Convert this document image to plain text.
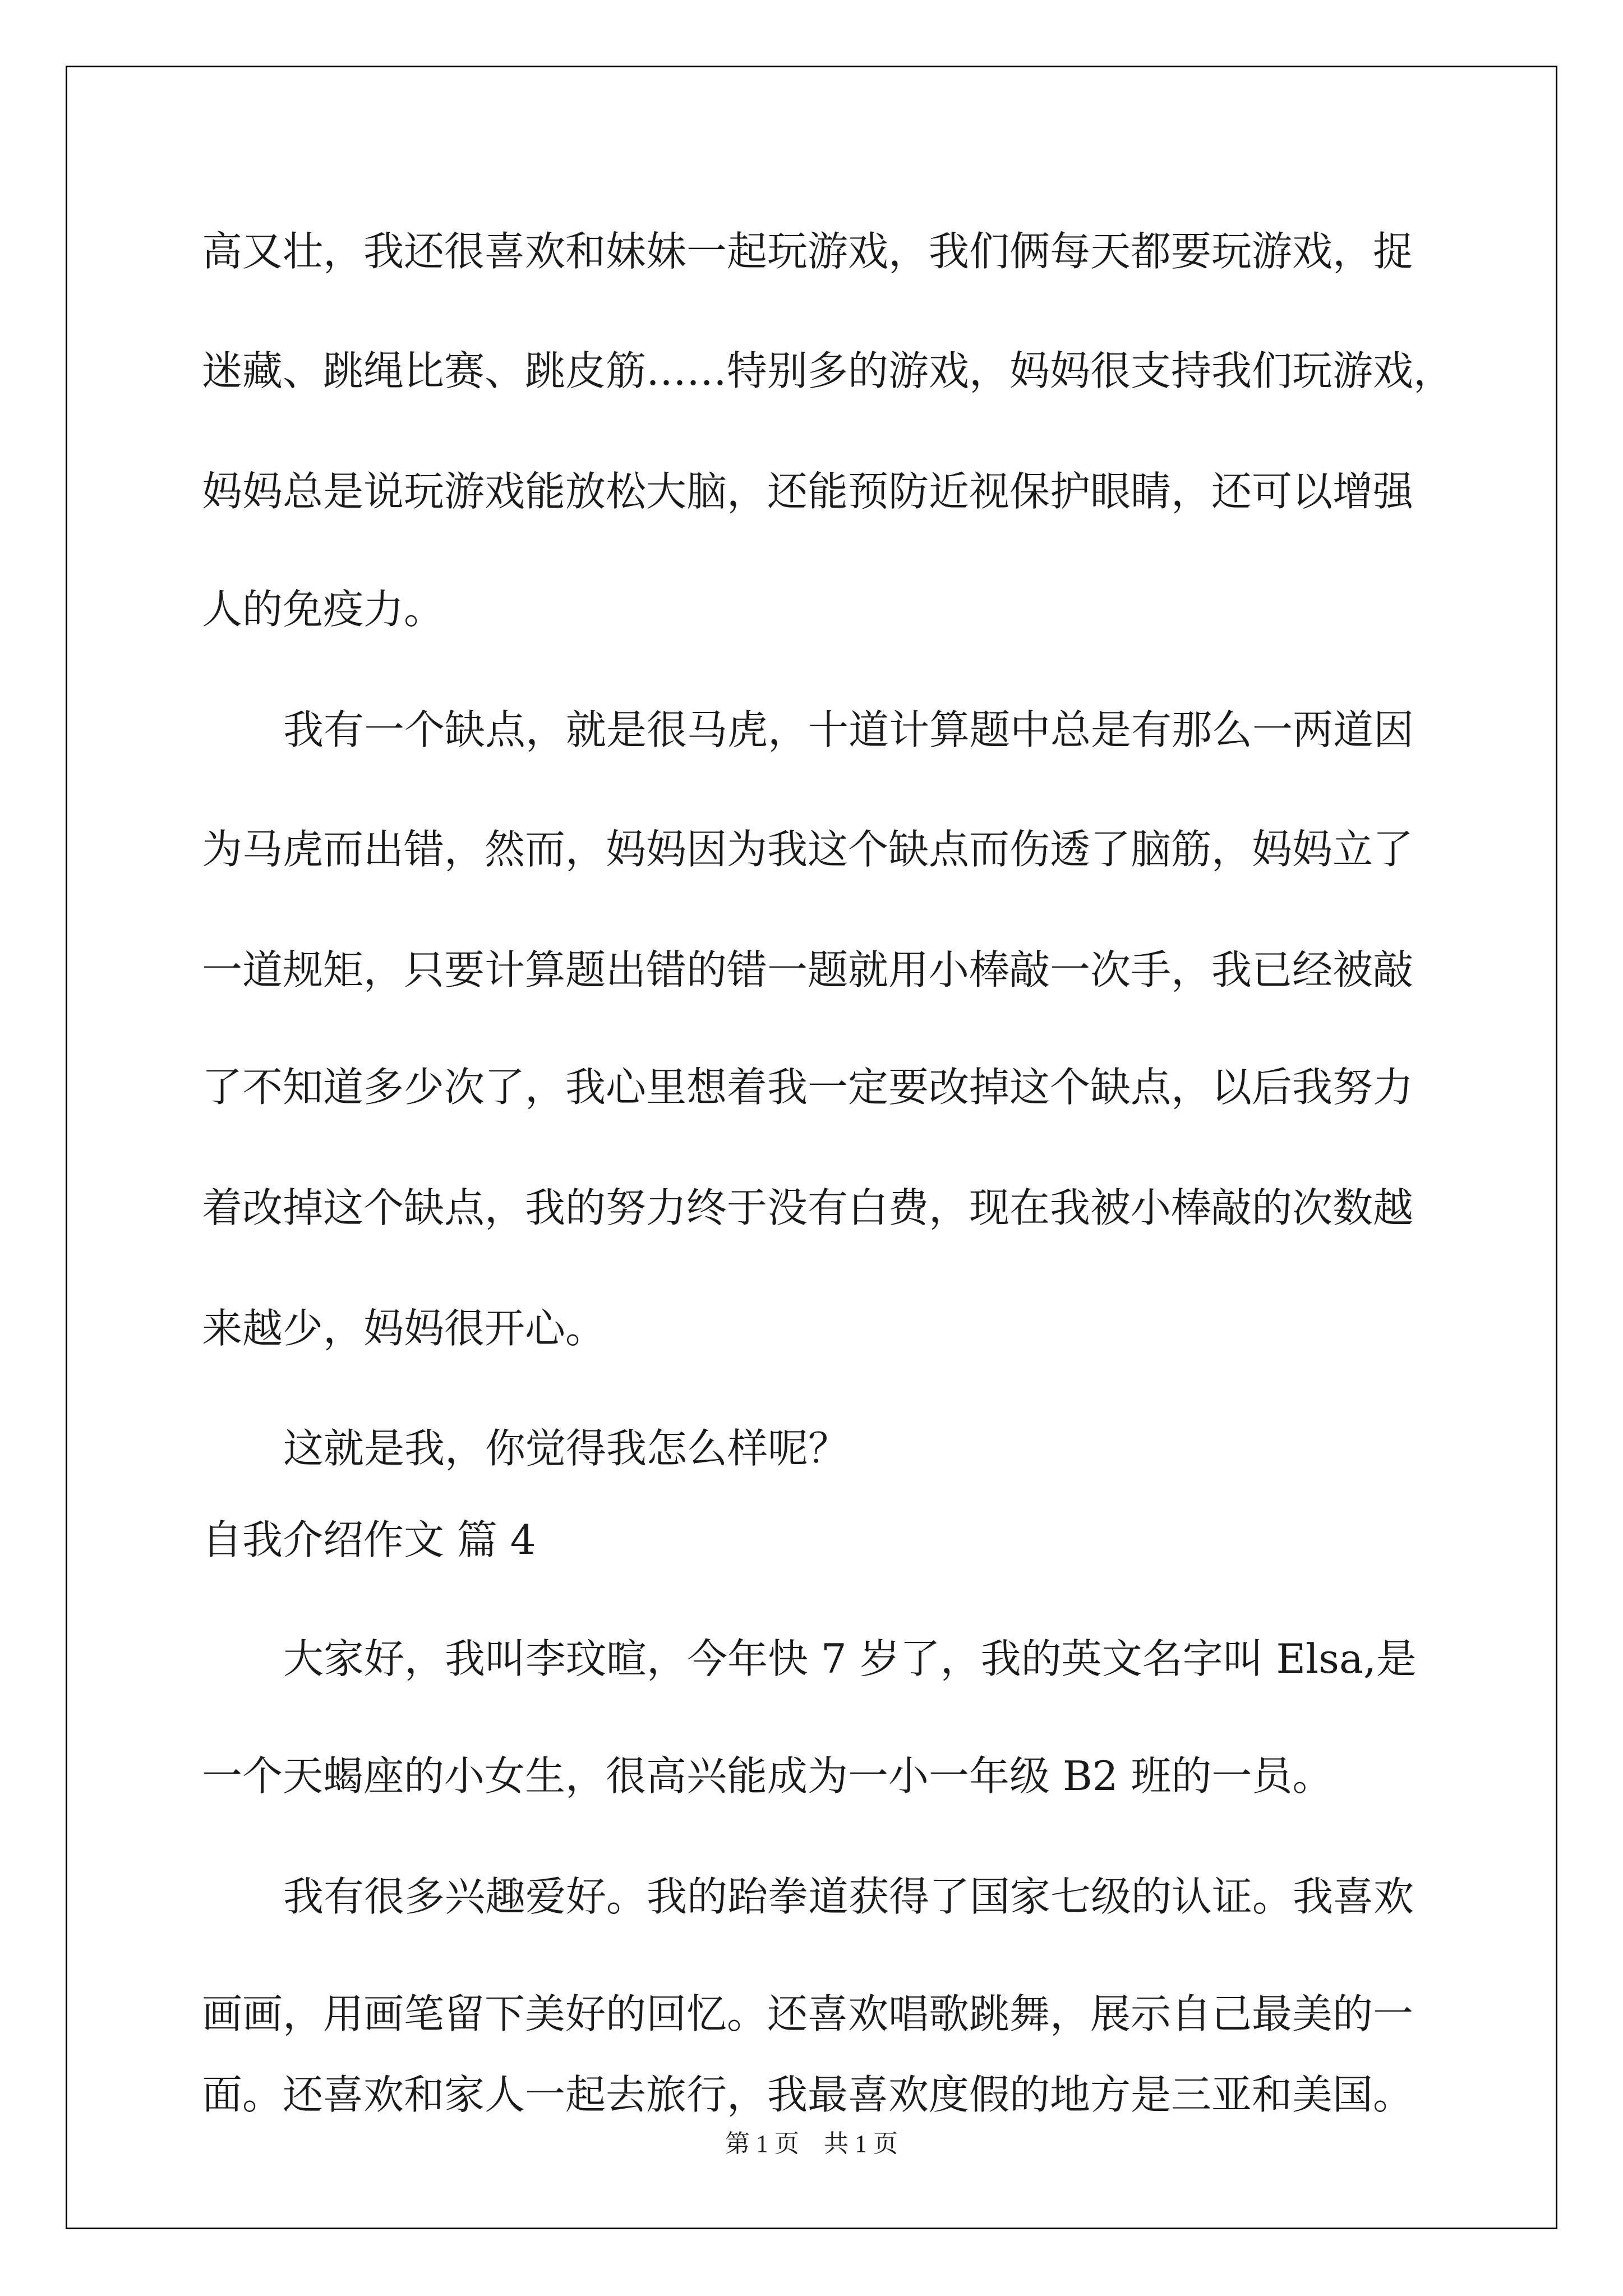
高又壮，我还很喜欢和妹妹一起玩游戏，我们俩每天都要玩游戏，捉

迷藏、跳绳比赛、跳皮筋……特别多的游戏，妈妈很支持我们玩游戏，

妈妈总是说玩游戏能放松大脑，还能预防近视保护眼睛，还可以增强

人的免疫力。

我有一个缺点，就是很马虎，十道计算题中总是有那么一两道因

为马虎而出错，然而，妈妈因为我这个缺点而伤透了脑筋，妈妈立了

一道规矩，只要计算题出错的错一题就用小棒敲一次手，我已经被敲

了不知道多少次了，我心里想着我一定要改掉这个缺点，以后我努力

着改掉这个缺点，我的努力终于没有白费，现在我被小棒敲的次数越

来越少，妈妈很开心。

这就是我，你觉得我怎么样呢？

自我介绍作文 篇 4

大家好，我叫李玟暄，今年快 7 岁了，我的英文名字叫 Elsa,是

一个天蝎座的小女生，很高兴能成为一小一年级 B2 班的一员。

我有很多兴趣爱好。我的跆拳道获得了国家七级的认证。我喜欢

画画，用画笔留下美好的回忆。还喜欢唱歌跳舞，展示自己最美的一

面。还喜欢和家人一起去旅行，我最喜欢度假的地方是三亚和美国。

第 1 页　共 1 页
